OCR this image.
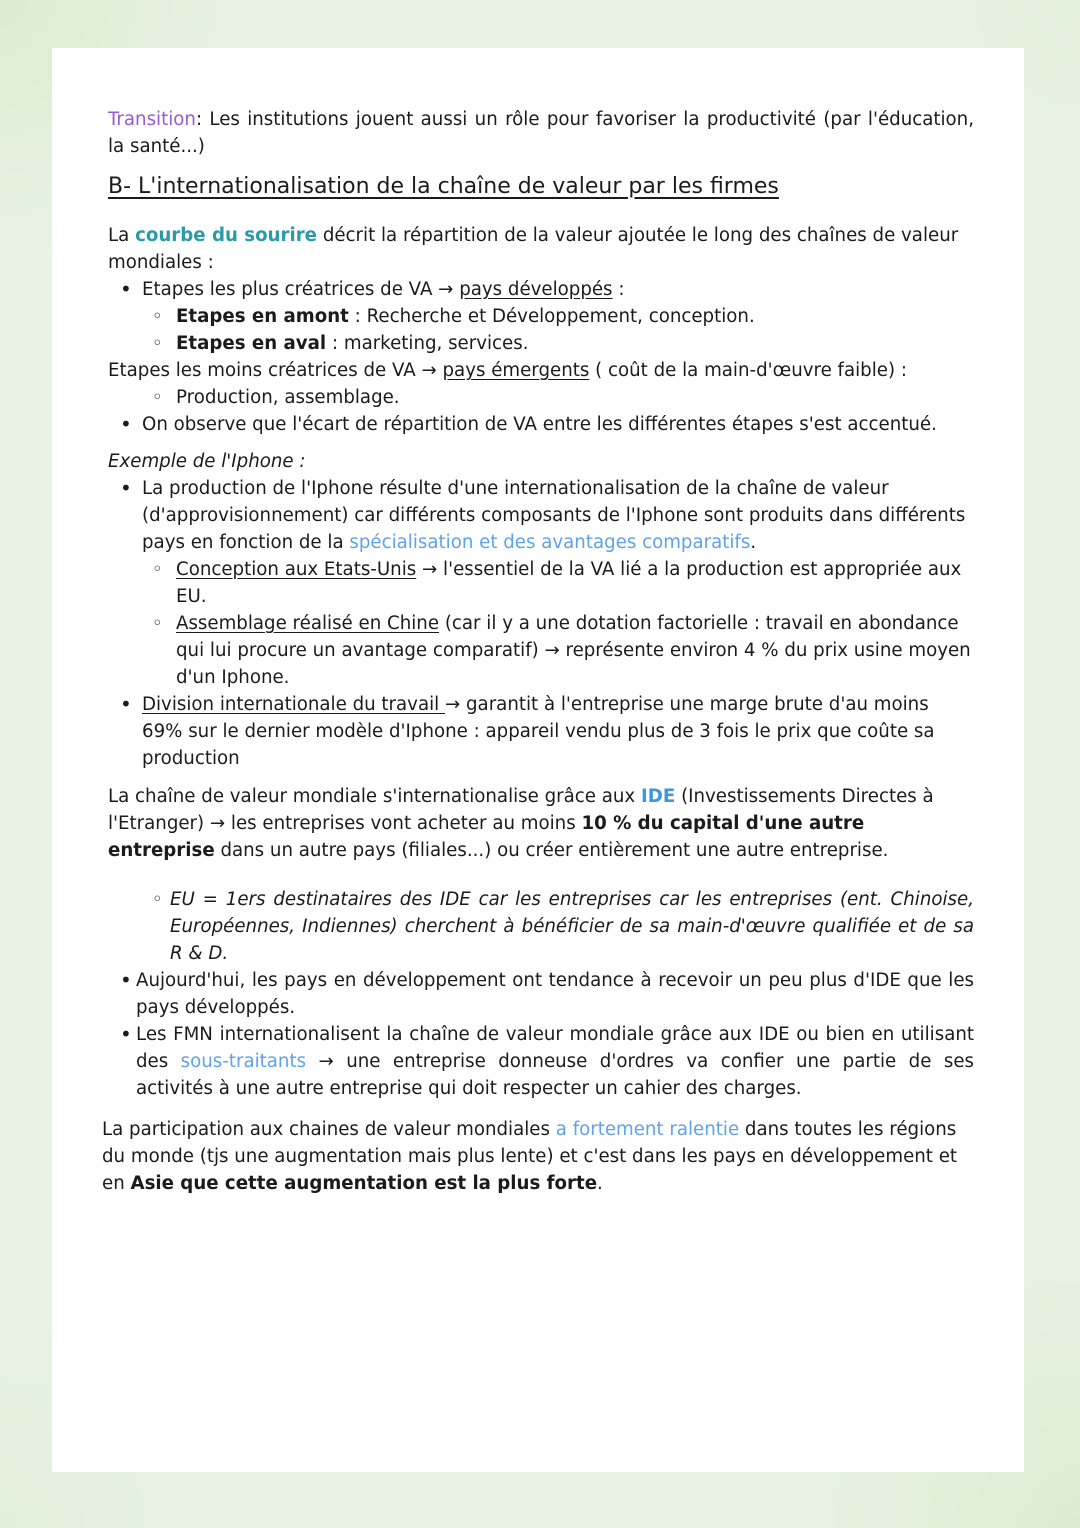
Transition: Les institutions jouent aussi un rôle pour favoriser la productivité (par l'éducation, la santé...)

B- L'internationalisation de la chaîne de valeur par les firmes

La courbe du sourire décrit la répartition de la valeur ajoutée le long des chaînes de valeur mondiales :

• Etapes les plus créatrices de VA → pays développés :
◦ Etapes en amont : Recherche et Développement, conception.
◦ Etapes en aval : marketing, services.

Etapes les moins créatrices de VA → pays émergents ( coût de la main-d'œuvre faible) :

◦ Production, assemblage.
• On observe que l'écart de répartition de VA entre les différentes étapes s'est accentué.

Exemple de l'Iphone :

• La production de l'Iphone résulte d'une internationalisation de la chaîne de valeur (d'approvisionnement) car différents composants de l'Iphone sont produits dans différents pays en fonction de la spécialisation et des avantages comparatifs.
◦ Conception aux Etats-Unis → l'essentiel de la VA lié a la production est appropriée aux EU.
◦ Assemblage réalisé en Chine (car il y a une dotation factorielle : travail en abondance qui lui procure un avantage comparatif) → représente environ 4 % du prix usine moyen d'un Iphone.
• Division internationale du travail → garantit à l'entreprise une marge brute d'au moins 69% sur le dernier modèle d'Iphone : appareil vendu plus de 3 fois le prix que coûte sa production

La chaîne de valeur mondiale s'internationalise grâce aux IDE (Investissements Directes à l'Etranger) → les entreprises vont acheter au moins 10 % du capital d'une autre entreprise dans un autre pays (filiales...) ou créer entièrement une autre entreprise.

◦ EU = 1ers destinataires des IDE car les entreprises car les entreprises (ent. Chinoise, Européennes, Indiennes) cherchent à bénéficier de sa main-d'œuvre qualifiée et de sa R & D.
• Aujourd'hui, les pays en développement ont tendance à recevoir un peu plus d'IDE que les pays développés.
• Les FMN internationalisent la chaîne de valeur mondiale grâce aux IDE ou bien en utilisant des sous-traitants → une entreprise donneuse d'ordres va confier une partie de ses activités à une autre entreprise qui doit respecter un cahier des charges.

La participation aux chaines de valeur mondiales a fortement ralentie dans toutes les régions du monde (tjs une augmentation mais plus lente) et c'est dans les pays en développement et en Asie que cette augmentation est la plus forte.
